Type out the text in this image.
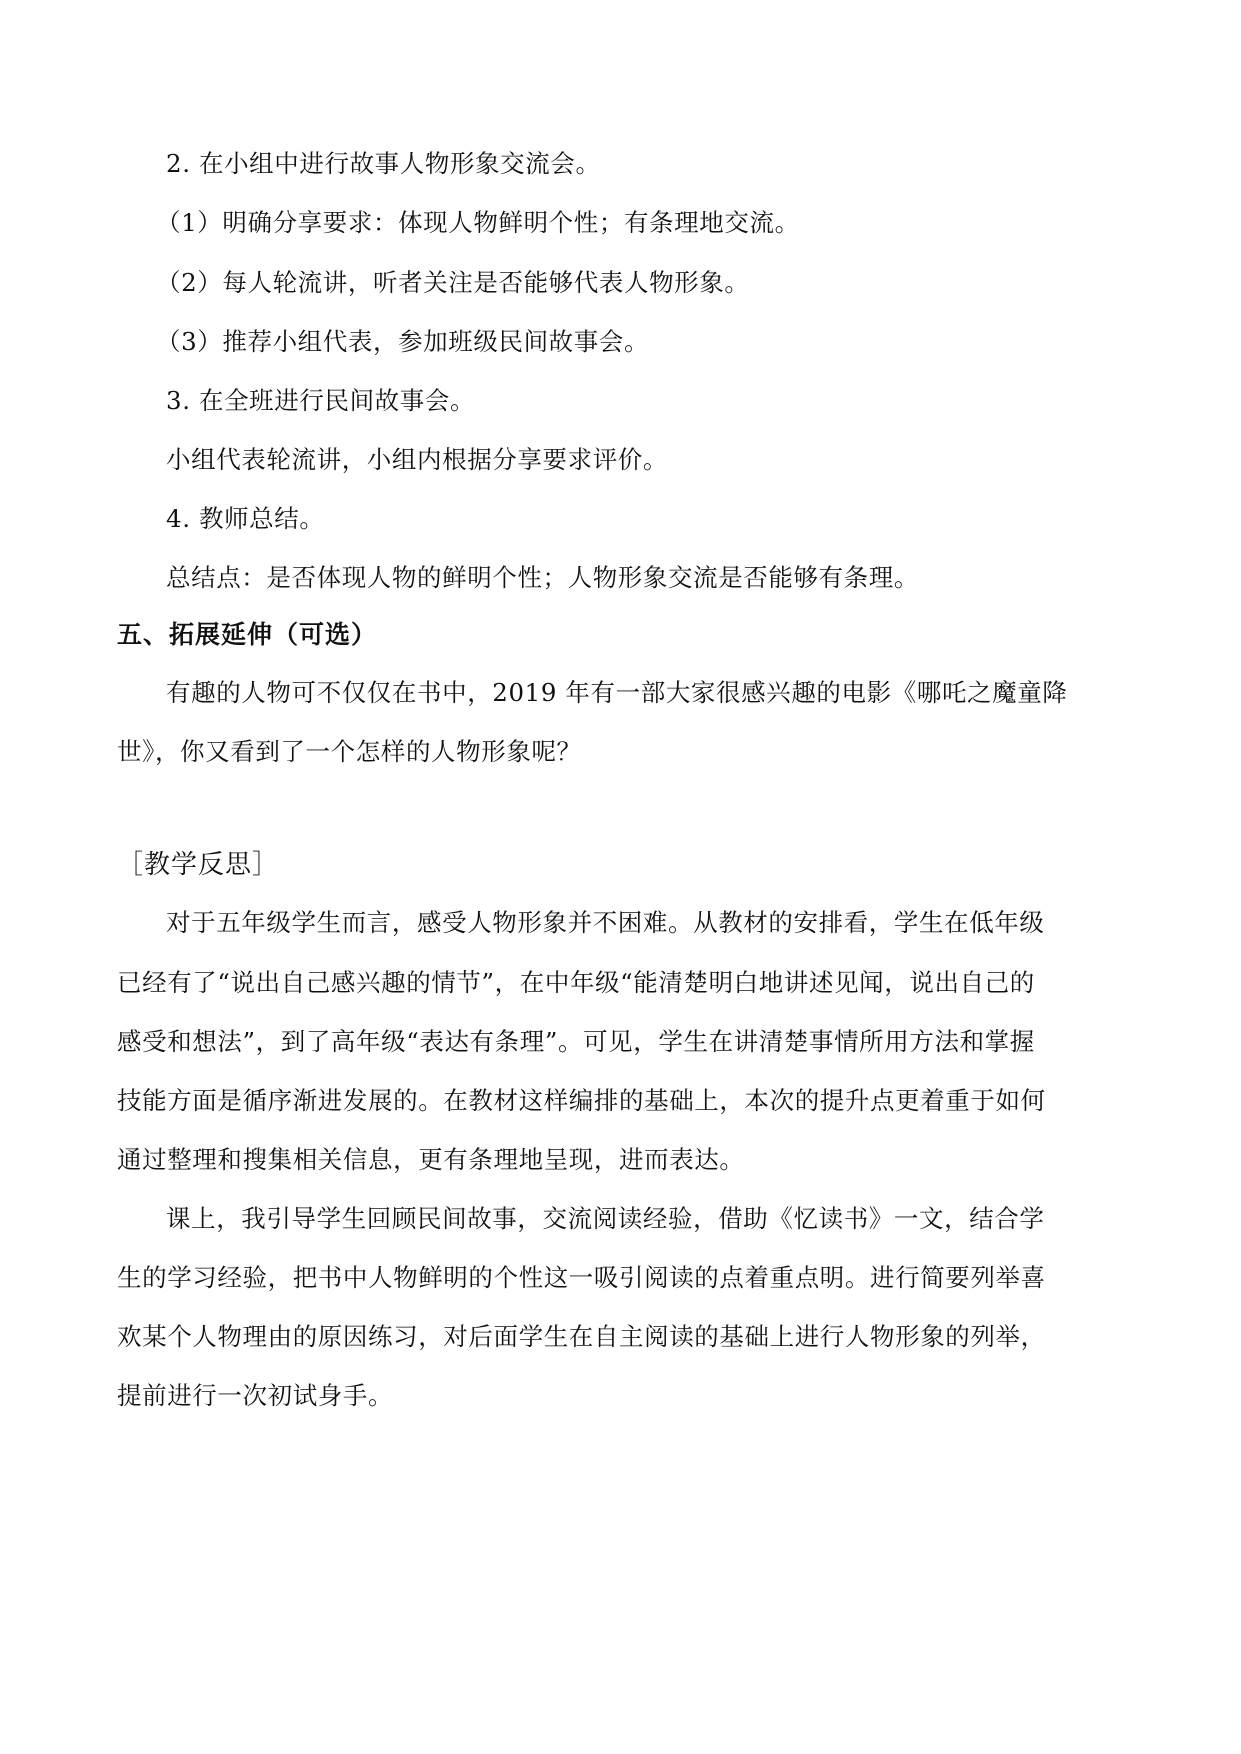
2. 在小组中进行故事人物形象交流会。
（1）明确分享要求：体现人物鲜明个性；有条理地交流。
（2）每人轮流讲，听者关注是否能够代表人物形象。
（3）推荐小组代表，参加班级民间故事会。
3. 在全班进行民间故事会。
小组代表轮流讲，小组内根据分享要求评价。
4. 教师总结。
总结点：是否体现人物的鲜明个性；人物形象交流是否能够有条理。
五、拓展延伸（可选）
有趣的人物可不仅仅在书中，2019 年有一部大家很感兴趣的电影《哪吒之魔童降
世》，你又看到了一个怎样的人物形象呢？
［教学反思］
对于五年级学生而言，感受人物形象并不困难。从教材的安排看，学生在低年级
已经有了“说出自己感兴趣的情节”，在中年级“能清楚明白地讲述见闻，说出自己的
感受和想法”，到了高年级“表达有条理”。可见，学生在讲清楚事情所用方法和掌握
技能方面是循序渐进发展的。在教材这样编排的基础上，本次的提升点更着重于如何
通过整理和搜集相关信息，更有条理地呈现，进而表达。
课上，我引导学生回顾民间故事，交流阅读经验，借助《忆读书》一文，结合学
生的学习经验，把书中人物鲜明的个性这一吸引阅读的点着重点明。进行简要列举喜
欢某个人物理由的原因练习，对后面学生在自主阅读的基础上进行人物形象的列举，
提前进行一次初试身手。
